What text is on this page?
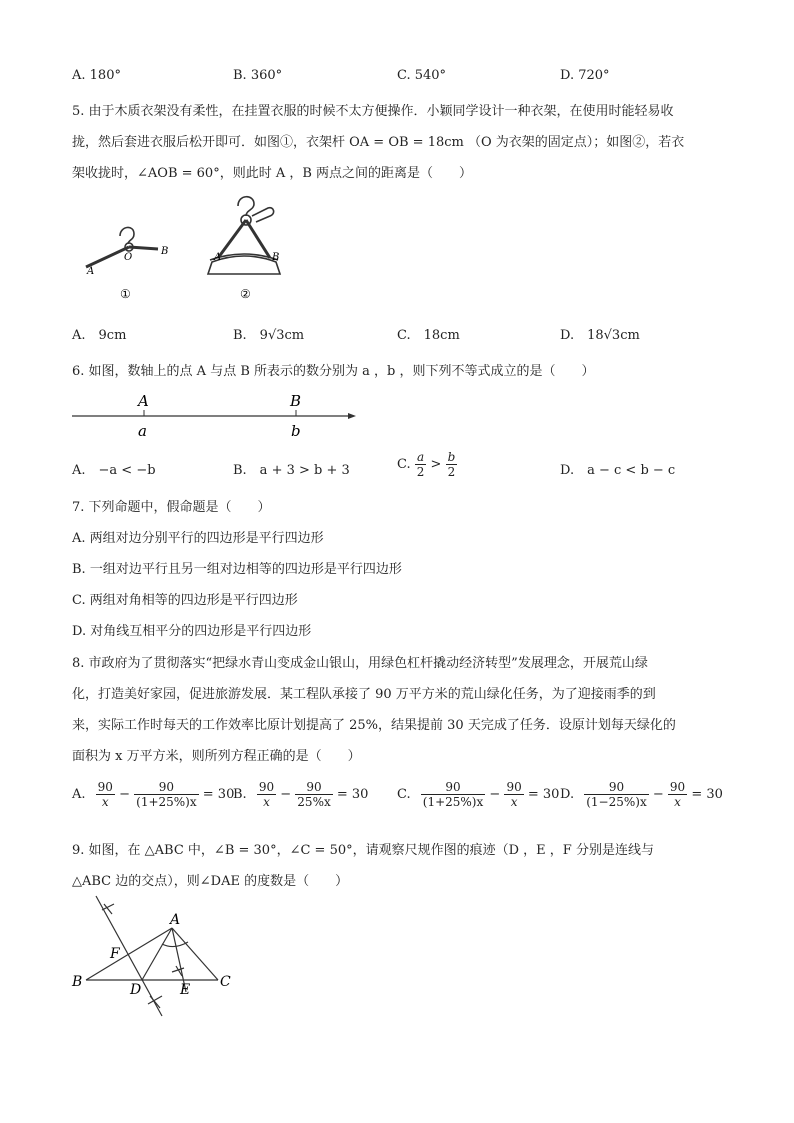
A. 180°	B. 360°	C. 540°	D. 720°
5. 由于木质衣架没有柔性，在挂置衣服的时候不太方便操作．小颖同学设计一种衣架，在使用时能轻易收
拢，然后套进衣服后松开即可．如图①，衣架杆 OA = OB = 18cm （O 为衣架的固定点）；如图②，若衣
架收拢时，∠AOB = 60°，则此时 A ，B 两点之间的距离是（　　）
A
O
B
①
A	B
②
A.　9cm	B.　9√3cm	C.　18cm	D.　18√3cm
6. 如图，数轴上的点 A 与点 B 所表示的数分别为 a ，b ，则下列不等式成立的是（　　）
A	B
a	b
A.　−a < −b	B.　a + 3 > b + 3	C. $\frac{a}{2} > \frac{b}{2}$	D.　a − c < b − c
7. 下列命题中，假命题是（　　）
A. 两组对边分别平行的四边形是平行四边形
B. 一组对边平行且另一组对边相等的四边形是平行四边形
C. 两组对角相等的四边形是平行四边形
D. 对角线互相平分的四边形是平行四边形
8. 市政府为了贯彻落实“把绿水青山变成金山银山，用绿色杠杆撬动经济转型”发展理念，开展荒山绿
化，打造美好家园，促进旅游发展．某工程队承接了 90 万平方米的荒山绿化任务，为了迎接雨季的到
来，实际工作时每天的工作效率比原计划提高了 25%，结果提前 30 天完成了任务．设原计划每天绿化的
面积为 x 万平方米，则所列方程正确的是（　　）
A. $\frac{90}{x} - \frac{90}{(1+25\%)x} = 30$
B. $\frac{90}{x} - \frac{90}{25\%x} = 30$ C. $\frac{90}{(1+25\%)x} - \frac{90}{x} = 30$ D. $\frac{90}{(1-25\%)x} - \frac{90}{x} = 30$
9. 如图，在 △ABC 中，∠B = 30°，∠C = 50°，请观察尺规作图的痕迹（D ，E ，F 分别是连线与
△ABC 边的交点），则∠DAE 的度数是（　　）
A
B	C
D	E
F
